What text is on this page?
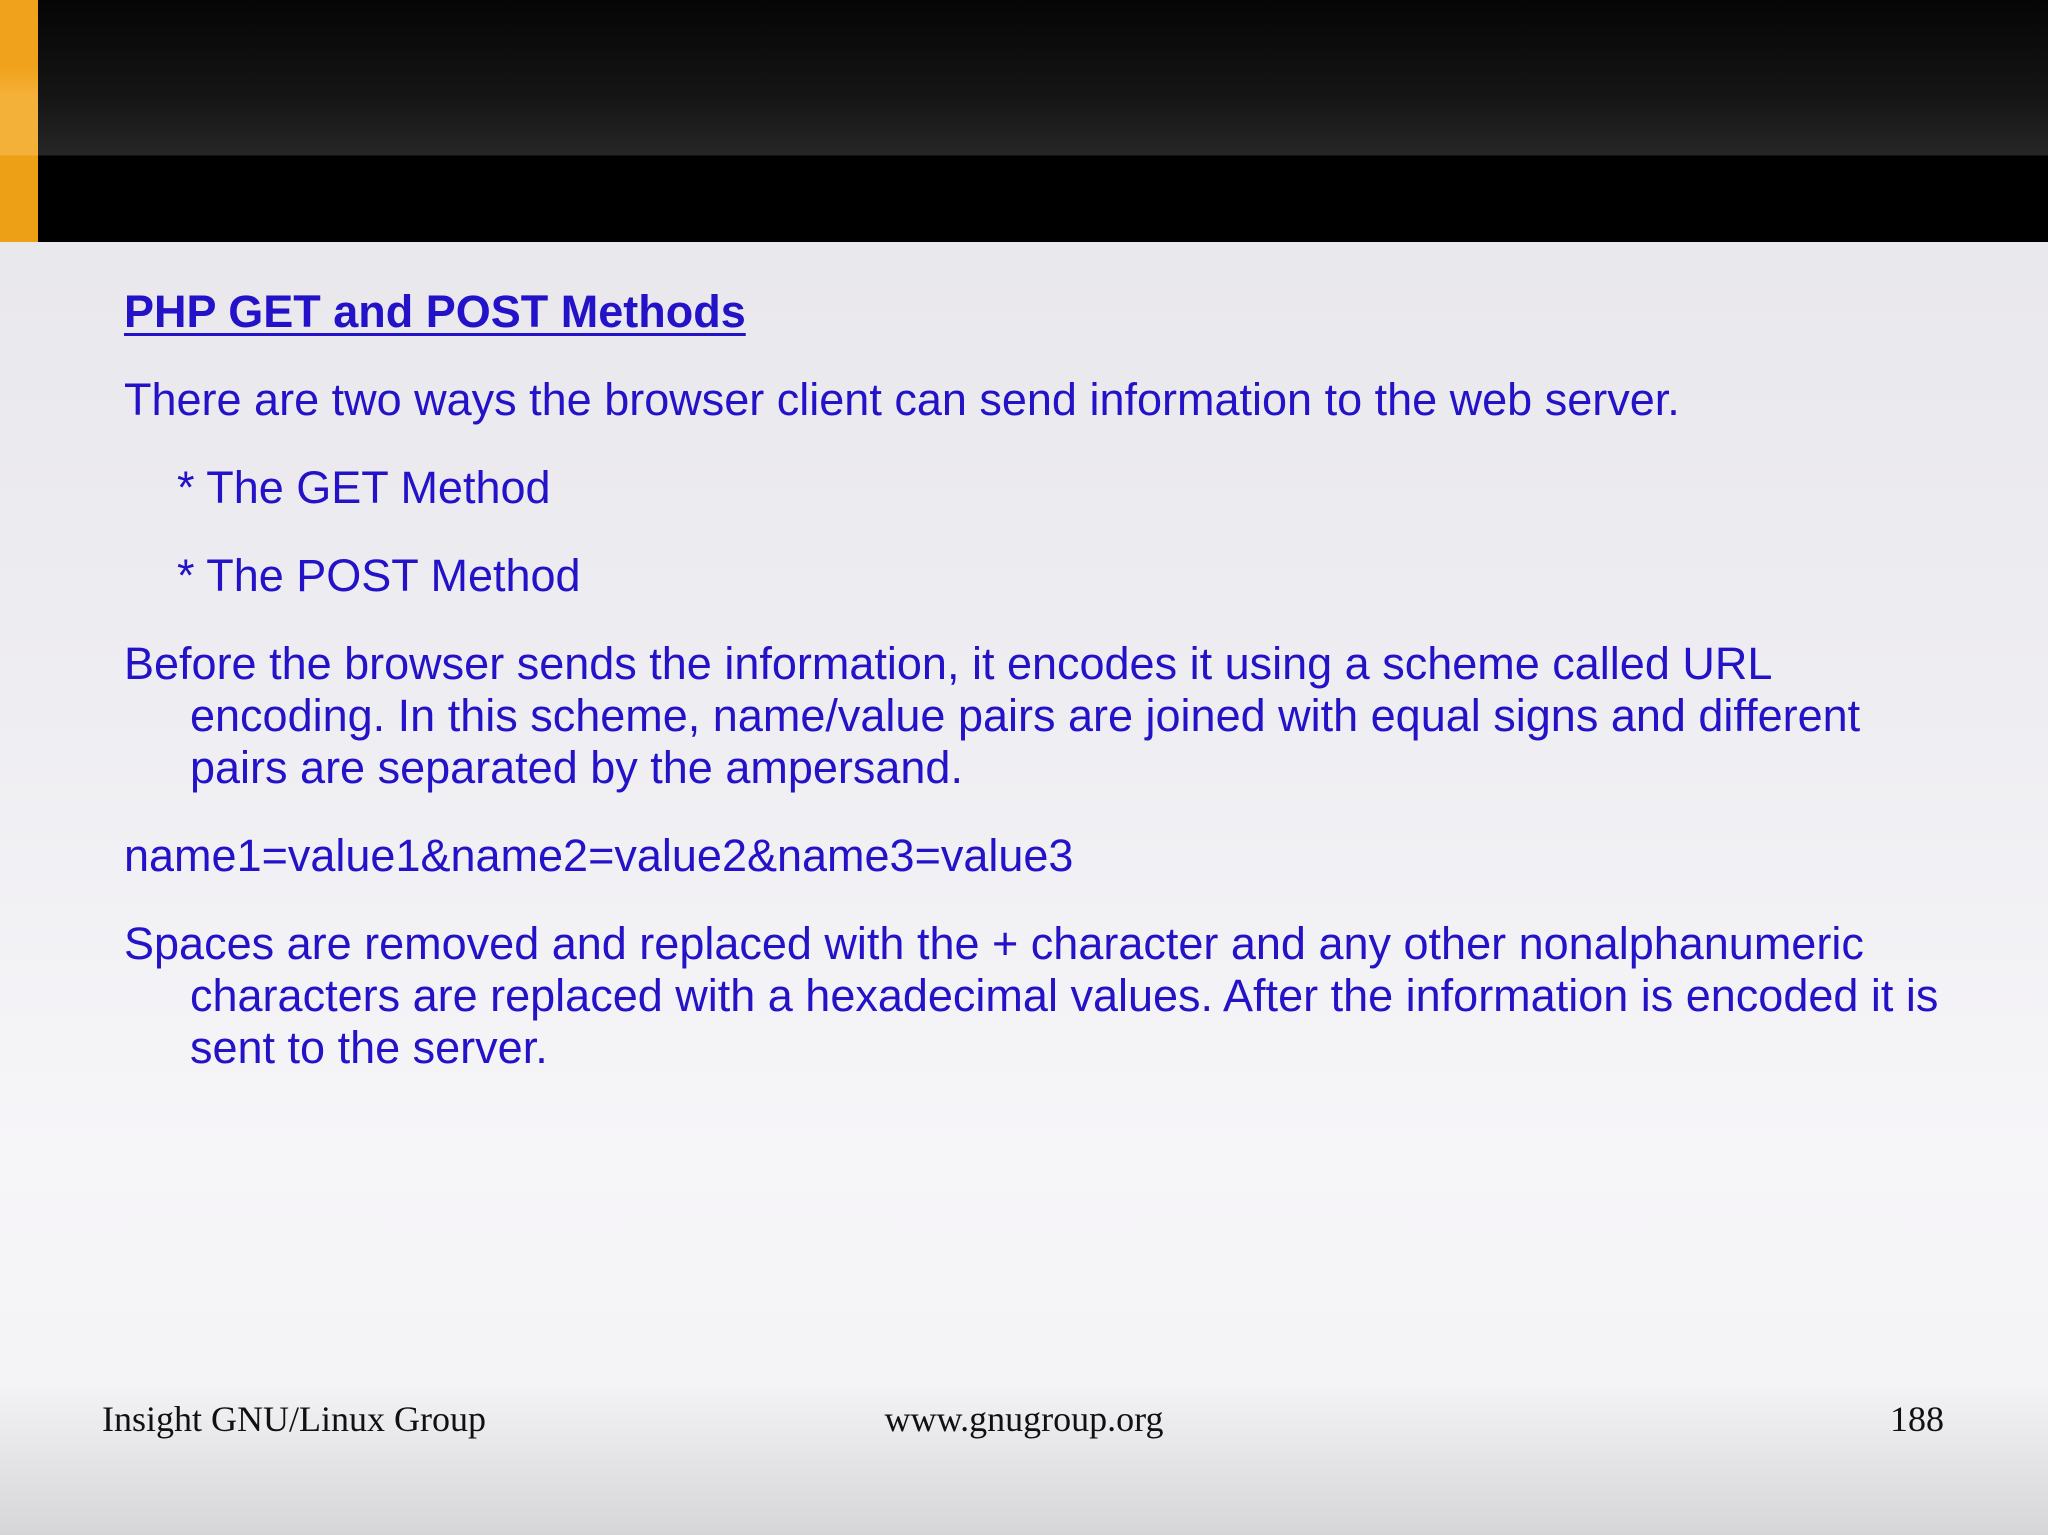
PHP GET and POST Methods
There are two ways the browser client can send information to the web server.
* The GET Method
* The POST Method
Before the browser sends the information, it encodes it using a scheme called URL encoding. In this scheme, name/value pairs are joined with equal signs and different pairs are separated by the ampersand.
name1=value1&name2=value2&name3=value3
Spaces are removed and replaced with the + character and any other nonalphanumeric characters are replaced with a hexadecimal values. After the information is encoded it is sent to the server.
Insight GNU/Linux Group	www.gnugroup.org	188
